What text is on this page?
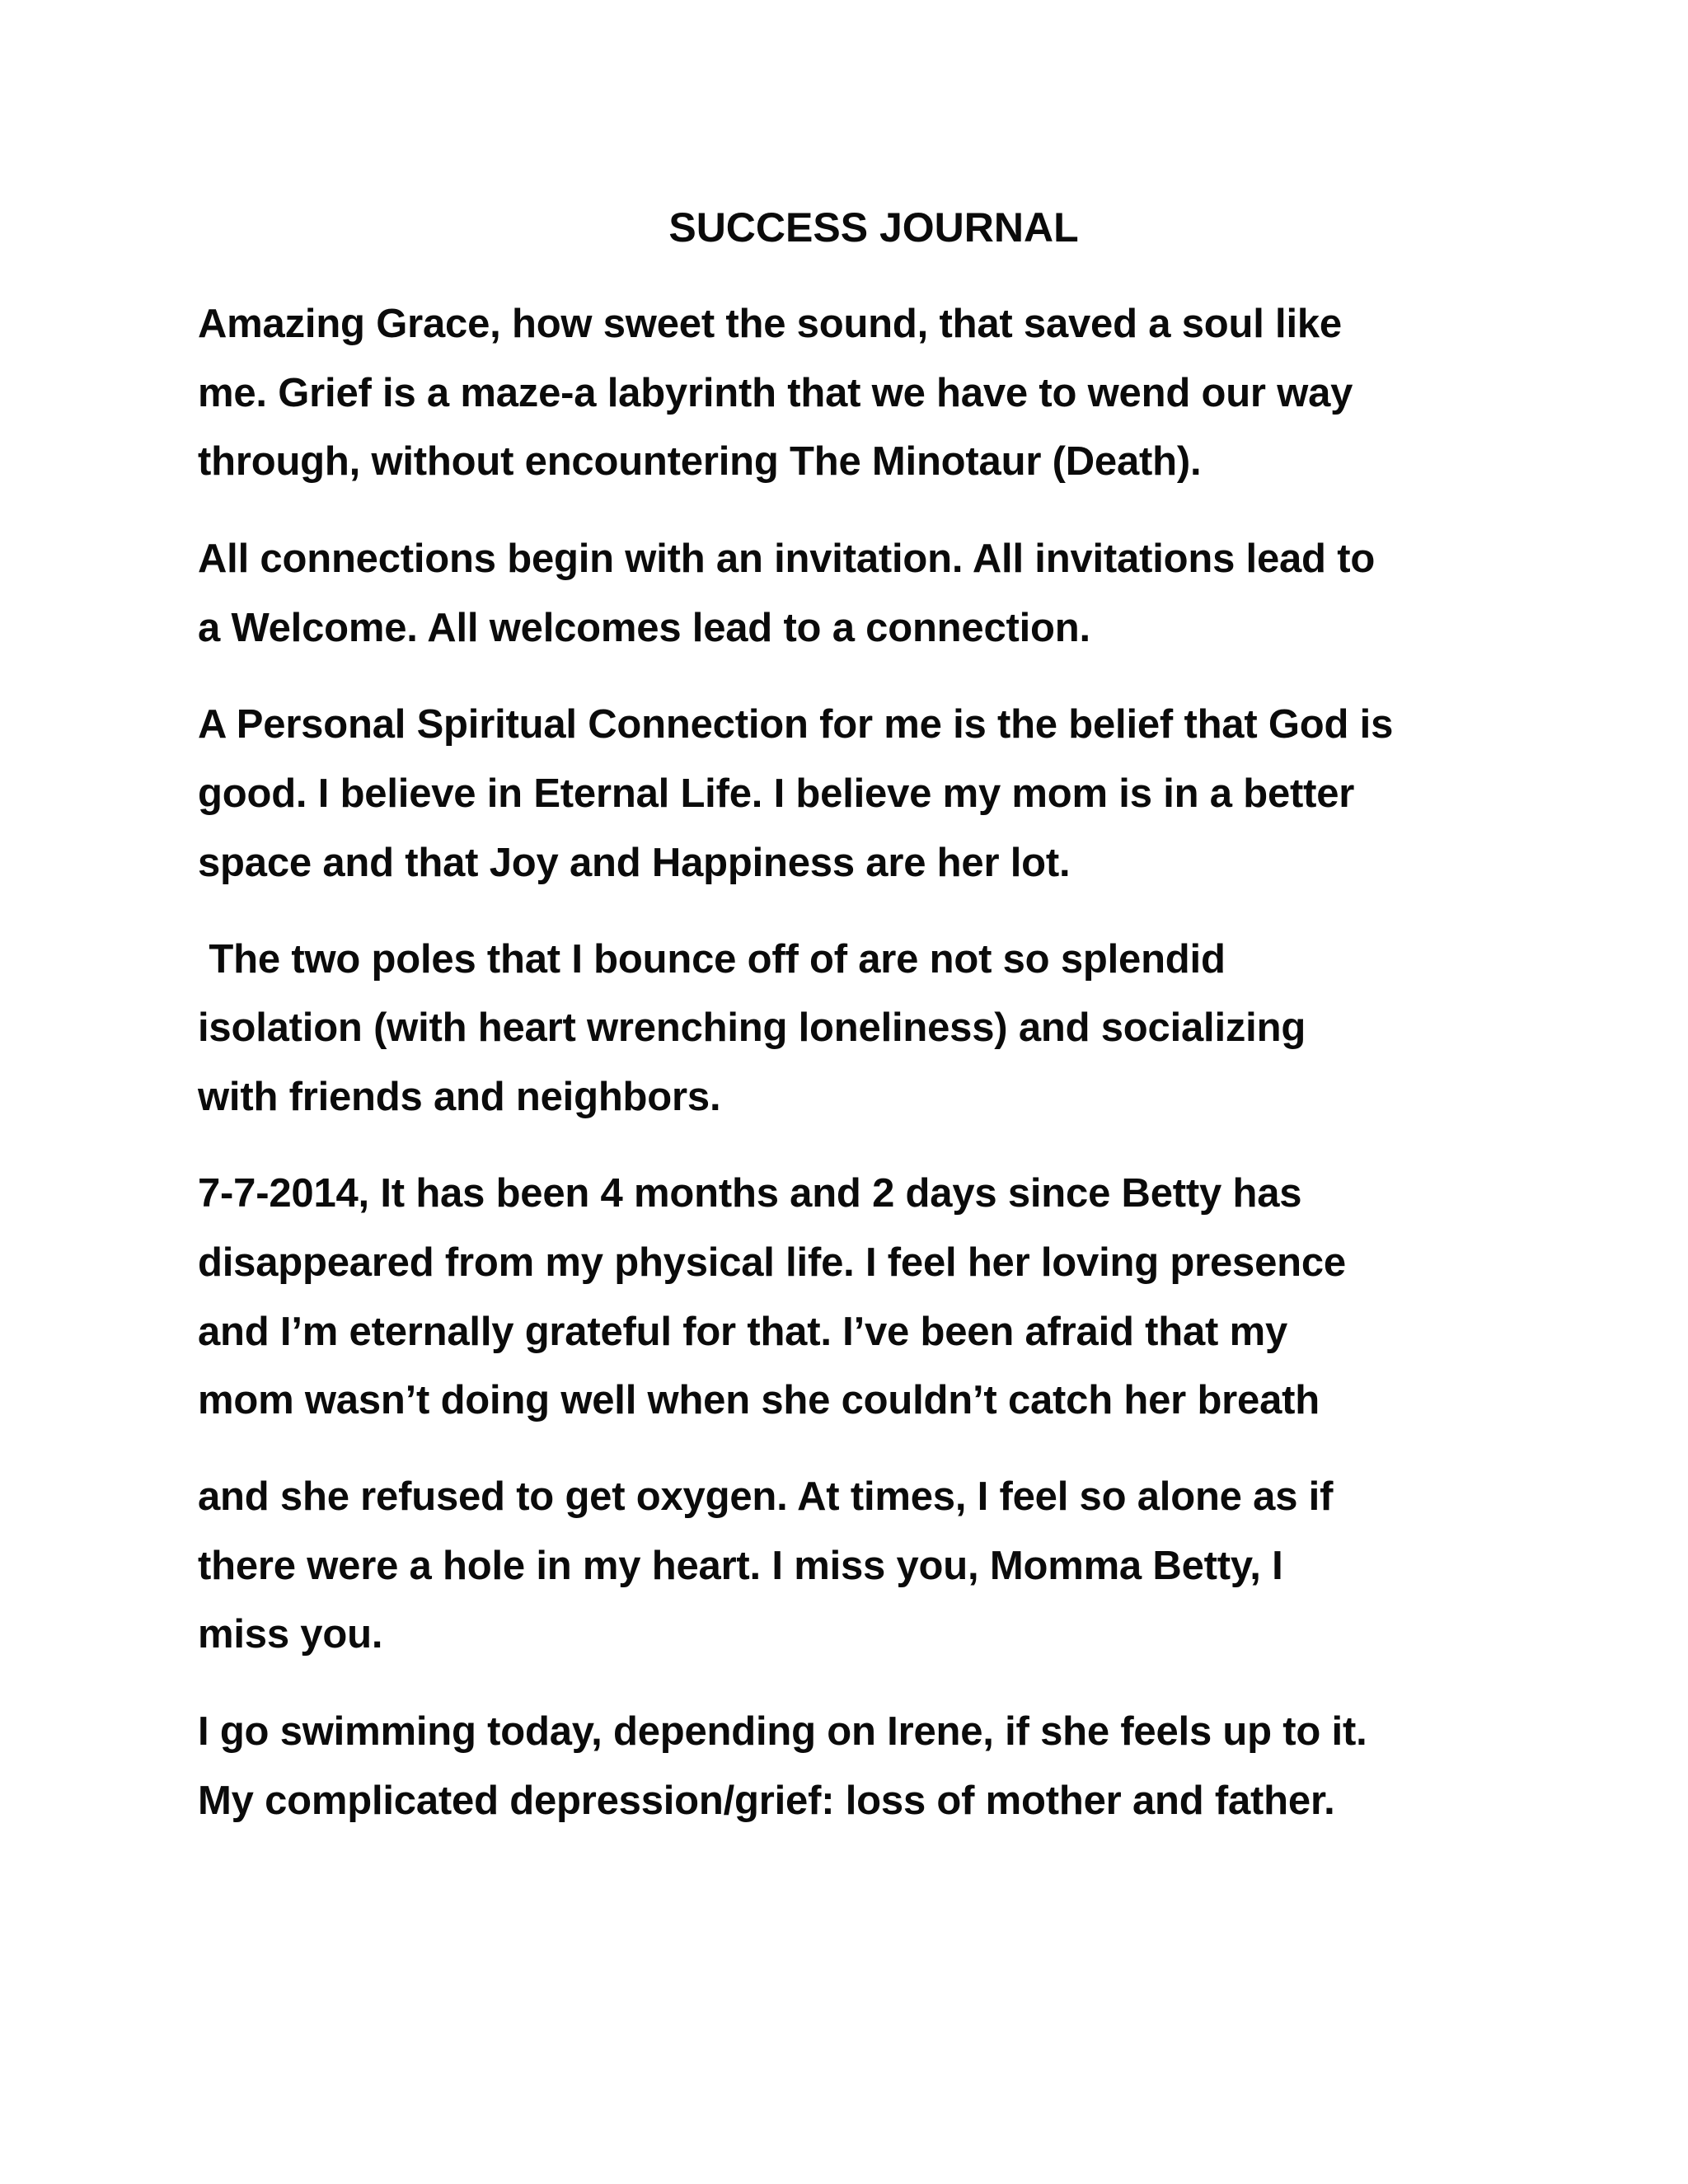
SUCCESS JOURNAL
Amazing Grace, how sweet the sound, that saved a soul like
me. Grief is a maze-a labyrinth that we have to wend our way
through, without encountering The Minotaur (Death).
All connections begin with an invitation. All invitations lead to
a Welcome. All welcomes lead to a connection.
A Personal Spiritual Connection for me is the belief that God is
good. I believe in Eternal Life. I believe my mom is in a better
space and that Joy and Happiness are her lot.
The two poles that I bounce off of are not so splendid
isolation (with heart wrenching loneliness) and socializing
with friends and neighbors.
7-7-2014, It has been 4 months and 2 days since Betty has
disappeared from my physical life. I feel her loving presence
and I’m eternally grateful for that. I’ve been afraid that my
mom wasn’t doing well when she couldn’t catch her breath
and she refused to get oxygen. At times, I feel so alone as if
there were a hole in my heart. I miss you, Momma Betty, I
miss you.
I go swimming today, depending on Irene, if she feels up to it.
My complicated depression/grief: loss of mother and father.
